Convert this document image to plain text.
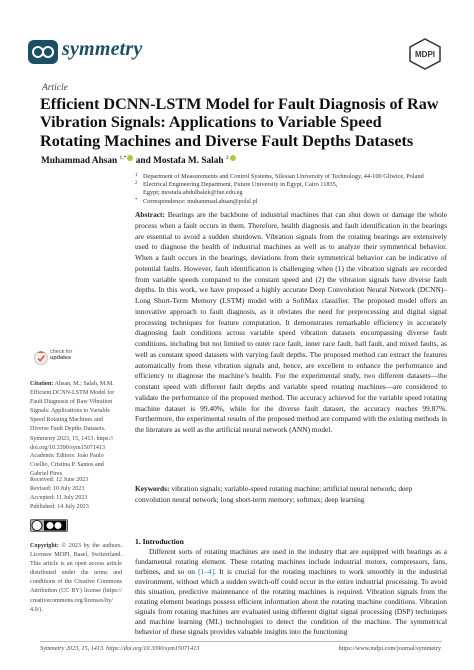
symmetry	MDPI
Article
Efficient DCNN-LSTM Model for Fault Diagnosis of Raw Vibration Signals: Applications to Variable Speed Rotating Machines and Diverse Fault Depths Datasets
Muhammad Ahsan $^{1,*}$ and Mostafa M. Salah $^2$
1 Department of Measurements and Control Systems, Silesian University of Technology, 44-100 Gliwice, Poland
2 Electrical Engineering Department, Future University in Egypt, Cairo 11835, Egypt; mostafa.abdulhalek@fue.edu.eg
* Correspondence: muhammad.ahsan@polsl.pl
Abstract: Bearings are the backbone of industrial machines that can shut down or damage the whole process when a fault occurs in them. Therefore, health diagnosis and fault identification in the bearings are essential to avoid a sudden shutdown. Vibration signals from the rotating bearings are extensively used to diagnose the health of industrial machines as well as to analyze their symmetrical behavior. When a fault occurs in the bearings, deviations from their symmetrical behavior can be indicative of potential faults. However, fault identification is challenging when (1) the vibration signals are recorded from variable speeds compared to the constant speed and (2) the vibration signals have diverse fault depths. In this work, we have proposed a highly accurate Deep Convolution Neural Network (DCNN)–Long Short-Term Memory (LSTM) model with a SoftMax classifier. The proposed model offers an innovative approach to fault diagnosis, as it obviates the need for preprocessing and digital signal processing techniques for feature computation. It demonstrates remarkable efficiency in accurately diagnosing fault conditions across variable speed vibration datasets encompassing diverse fault conditions, including but not limited to outer race fault, inner race fault, ball fault, and mixed faults, as well as constant speed datasets with varying fault depths. The proposed method can extract the features automatically from these vibration signals and, hence, are excellent to enhance the performance and efficiency to diagnose the machine’s health. For the experimental study, two different datasets—the constant speed with different fault depths and variable speed rotating machines—are considered to validate the performance of the proposed method. The accuracy achieved for the variable speed rotating machine dataset is 99.40%, while for the diverse fault dataset, the accuracy reaches 99.87%. Furthermore, the experimental results of the proposed method are compared with the existing methods in the literature as well as the artificial neural network (ANN) model.
Keywords: vibration signals; variable-speed rotating machine; artificial neural network; deep convolution neural network; long short-term memory; softmax; deep learning
1. Introduction
Different sorts of rotating machines are used in the industry that are equipped with bearings as a fundamental rotating element. These rotating machines include industrial motors, compressors, fans, turbines, and so on [1–4]. It is crucial for the rotating machines to work smoothly in the industrial environment, without which a sudden switch-off could occur in the entire industrial processing. To avoid this situation, predictive maintenance of the rotating machines is required. Vibration signals from the rotating element bearings possess efficient information about the rotating machine conditions. Vibration signals from rotating machines are evaluated using different digital signal processing (DSP) techniques and machine learning (ML) technologies to detect the condition of the machine. The symmetrical behavior of these signals provides valuable insights into the functioning
check for
updates
Citation: Ahsan, M.; Salah, M.M. Efficient DCNN-LSTM Model for Fault Diagnosis of Raw Vibration Signals: Applications to Variable Speed Rotating Machines and Diverse Fault Depths Datasets. Symmetry 2023, 15, 1413. https:// doi.org/10.3390/sym15071413
Academic Editors: João Paulo Coelho, Cristina P. Santos and Gabriel Pires
Received: 12 June 2023
Revised: 10 July 2023
Accepted: 11 July 2023
Published: 14 July 2023
Copyright: © 2023 by the authors. Licensee MDPI, Basel, Switzerland. This article is an open access article distributed under the terms and conditions of the Creative Commons Attribution (CC BY) license (https:// creativecommons.org/licenses/by/ 4.0/).
Symmetry 2023, 15, 1413. https://doi.org/10.3390/sym15071413	https://www.mdpi.com/journal/symmetry
